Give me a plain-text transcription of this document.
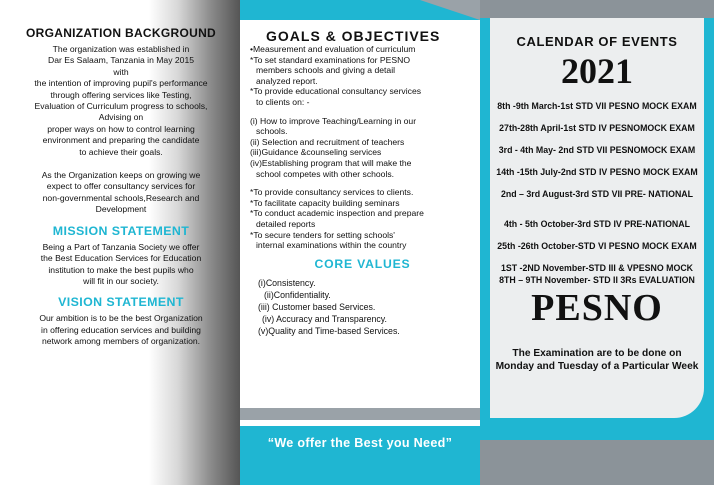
ORGANIZATION BACKGROUND
The organization was established in
Dar Es Salaam, Tanzania in May 2015
with
the intention of improving pupil's performance
through offering services like Testing,
Evaluation of Curriculum progress to schools,
Advising on
proper ways on how to control learning
environment and preparing the candidate
to achieve their goals.
As the Organization keeps on growing we
expect to offer consultancy services for
non-governmental schools,Research and
Development
MISSION STATEMENT
Being a Part of Tanzania Society we offer
the Best Education Services for Education
institution to make the best pupils who
will fit in our society.
VISION STATEMENT
Our ambition is to be the best Organization
in offering education services and building
network among members of organization.
GOALS & OBJECTIVES
•Measurement and evaluation of curriculum
*To set standard examinations for PESNO
members schools and giving a detail
analyzed report.
*To provide educational consultancy services
to clients on: -
(i) How to improve Teaching/Learning in our
schools.
(ii) Selection and recruitment of teachers
(iii)Guidance &counseling services
(iv)Establishing program that will make the
school competes with other schools.
*To provide consultancy services to clients.
*To facilitate capacity building seminars
*To conduct academic inspection and prepare
detailed reports
*To secure tenders for setting schools'
internal examinations within the country
CORE VALUES
(i)Consistency.
(ii)Confidentiality.
(iii) Customer based Services.
(iv) Accuracy and Transparency.
(v)Quality and Time-based Services.
“We offer the Best you Need”
CALENDAR OF EVENTS
2021
8th -9th March-1st STD VII PESNO MOCK EXAM
27th-28th April-1st STD IV PESNOMOCK EXAM
3rd - 4th May- 2nd STD VII PESNOMOCK EXAM
14th -15th July-2nd STD IV PESNO MOCK EXAM
2nd – 3rd August-3rd STD VII PRE- NATIONAL
4th - 5th October-3rd STD IV PRE-NATIONAL
25th -26th October-STD VI PESNO MOCK EXAM
1ST -2ND November-STD III & VPESNO MOCK
8TH – 9TH November- STD II 3Rs EVALUATION
PESNO
The Examination are to be done on
Monday and Tuesday of a Particular Week
